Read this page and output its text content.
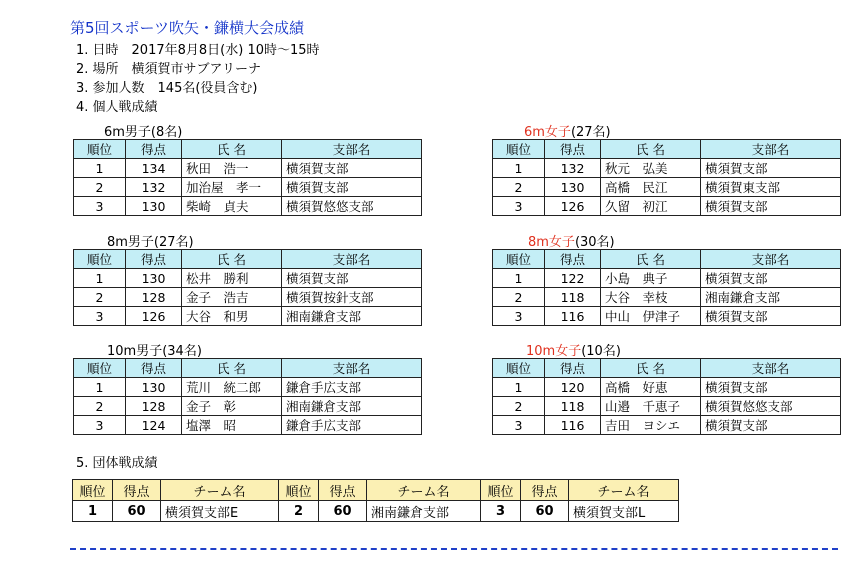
第5回スポーツ吹矢・鎌横大会成績
1. 日時　2017年8月8日(水) 10時～15時
2. 場所　横須賀市サブアリーナ
3. 参加人数　145名(役員含む)
4. 個人戦成績
6m男子(8名)
順位	得点	氏 名	支部名
1	134	秋田　浩一	横須賀支部
2	132	加治屋　孝一	横須賀支部
3	130	柴崎　貞夫	横須賀悠悠支部
6m女子(27名)
順位	得点	氏 名	支部名
1	132	秋元　弘美	横須賀支部
2	130	高橋　民江	横須賀東支部
3	126	久留　初江	横須賀支部
8m男子(27名)
順位	得点	氏 名	支部名
1	130	松井　勝利	横須賀支部
2	128	金子　浩吉	横須賀按針支部
3	126	大谷　和男	湘南鎌倉支部
8m女子(30名)
順位	得点	氏 名	支部名
1	122	小島　典子	横須賀支部
2	118	大谷　幸枝	湘南鎌倉支部
3	116	中山　伊津子	横須賀支部
10m男子(34名)
順位	得点	氏 名	支部名
1	130	荒川　統二郎	鎌倉手広支部
2	128	金子　彰	湘南鎌倉支部
3	124	塩澤　昭	鎌倉手広支部
10m女子(10名)
順位	得点	氏 名	支部名
1	120	高橋　好恵	横須賀支部
2	118	山邉　千恵子	横須賀悠悠支部
3	116	吉田　ヨシエ	横須賀支部
5. 団体戦成績
順位	得点	チーム名	順位	得点	チーム名	順位	得点	チーム名
1	60	横須賀支部E	2	60	湘南鎌倉支部	3	60	横須賀支部L
